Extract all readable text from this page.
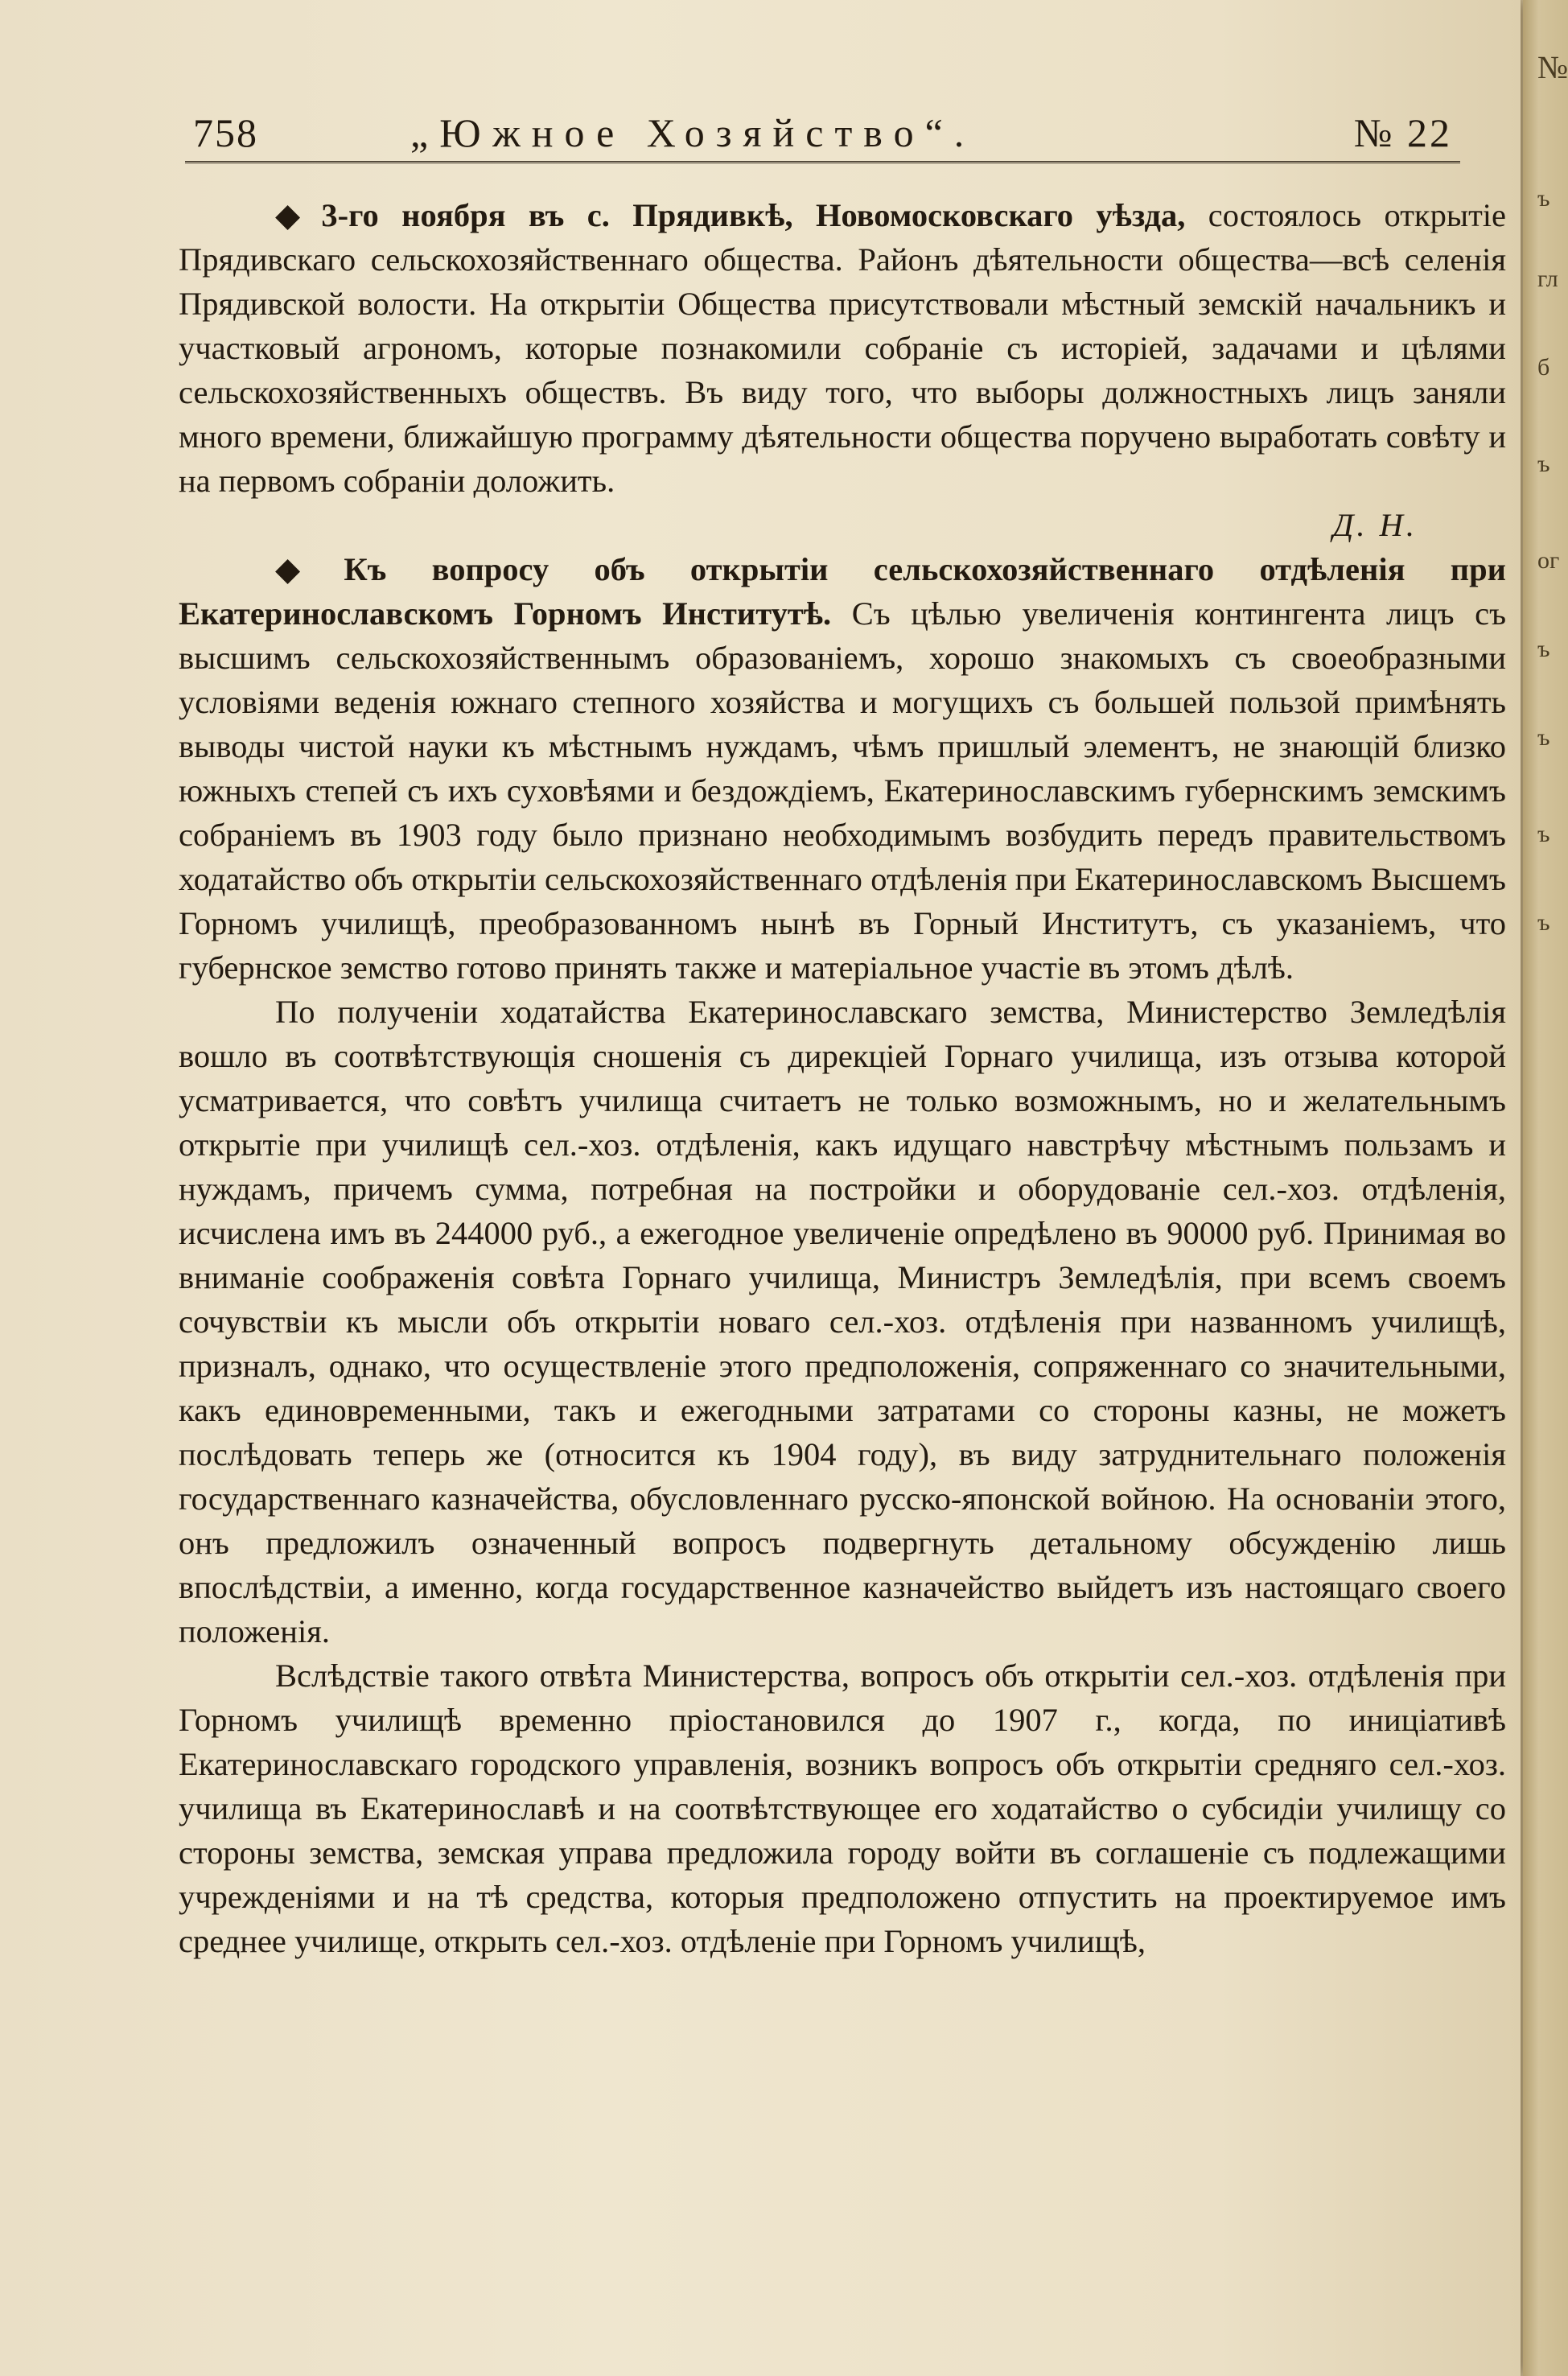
758	„Южное Хозяйство“.	№ 22

◆ 3-го ноября въ с. Прядивкѣ, Новомосковскаго уѣзда, состоялось открытіе Прядивскаго сельскохозяйственнаго общества. Районъ дѣятельности общества—всѣ селенія Прядивской волости. На открытіи Общества присутствовали мѣстный земскій начальникъ и участковый агрономъ, которые познакомили собраніе съ исторіей, задачами и цѣлями сельскохозяйственныхъ обществъ. Въ виду того, что выборы должностныхъ лицъ заняли много времени, ближайшую программу дѣятельности общества поручено выработать совѣту и на первомъ собраніи доложить.

Д. Н.

◆ Къ вопросу объ открытіи сельскохозяйственнаго отдѣленія при Екатеринославскомъ Горномъ Институтѣ. Съ цѣлью увеличенія контингента лицъ съ высшимъ сельскохозяйственнымъ образованіемъ, хорошо знакомыхъ съ своеобразными условіями веденія южнаго степного хозяйства и могущихъ съ большей пользой примѣнять выводы чистой науки къ мѣстнымъ нуждамъ, чѣмъ пришлый элементъ, не знающій близко южныхъ степей съ ихъ суховѣями и бездождіемъ, Екатеринославскимъ губернскимъ земскимъ собраніемъ въ 1903 году было признано необходимымъ возбудить передъ правительствомъ ходатайство объ открытіи сельскохозяйственнаго отдѣленія при Екатеринославскомъ Высшемъ Горномъ училищѣ, преобразованномъ нынѣ въ Горный Институтъ, съ указаніемъ, что губернское земство готово принять также и матеріальное участіе въ этомъ дѣлѣ.

По полученіи ходатайства Екатеринославскаго земства, Министерство Земледѣлія вошло въ соотвѣтствующія сношенія съ дирекціей Горнаго училища, изъ отзыва которой усматривается, что совѣтъ училища считаетъ не только возможнымъ, но и желательнымъ открытіе при училищѣ сел.-хоз. отдѣленія, какъ идущаго навстрѣчу мѣстнымъ пользамъ и нуждамъ, причемъ сумма, потребная на постройки и оборудованіе сел.-хоз. отдѣленія, исчислена имъ въ 244000 руб., а ежегодное увеличеніе опредѣлено въ 90000 руб. Принимая во вниманіе соображенія совѣта Горнаго училища, Министръ Земледѣлія, при всемъ своемъ сочувствіи къ мысли объ открытіи новаго сел.-хоз. отдѣленія при названномъ училищѣ, призналъ, однако, что осуществленіе этого предположенія, сопряженнаго со значительными, какъ единовременными, такъ и ежегодными затратами со стороны казны, не можетъ послѣдовать теперь же (относится къ 1904 году), въ виду затруднительнаго положенія государственнаго казначейства, обусловленнаго русско-японской войною. На основаніи этого, онъ предложилъ означенный вопросъ подвергнуть детальному обсужденію лишь впослѣдствіи, а именно, когда государственное казначейство выйдетъ изъ настоящаго своего положенія.

Вслѣдствіе такого отвѣта Министерства, вопросъ объ открытіи сел.-хоз. отдѣленія при Горномъ училищѣ временно пріостановился до 1907 г., когда, по иниціативѣ Екатеринославскаго городского управленія, возникъ вопросъ объ открытіи средняго сел.-хоз. училища въ Екатеринославѣ и на соотвѣтствующее его ходатайство о субсидіи училищу со стороны земства, земская управа предложила городу войти въ соглашеніе съ подлежащими учрежденіями и на тѣ средства, которыя предположено отпустить на проектируемое имъ среднее училище, открыть сел.-хоз. отдѣленіе при Горномъ училищѣ,

№
ъ
гл
б
ъ
ог
ъ
ъ
ъ
ъ
